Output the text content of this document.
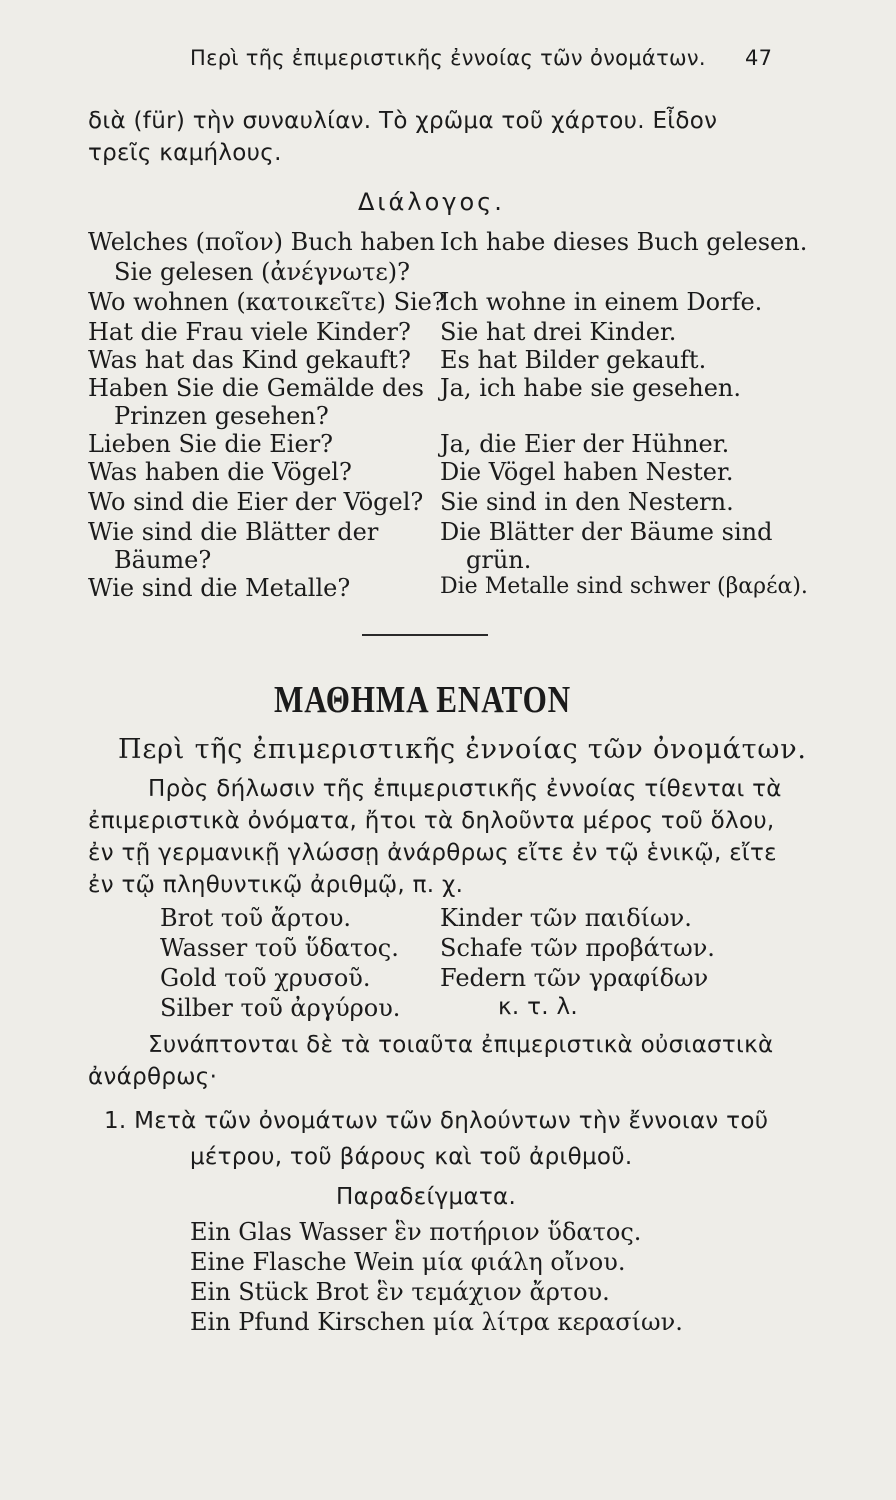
Περὶ τῆς ἐπιμεριστικῆς ἐννοίας τῶν ὀνομάτων. 47
διὰ (für) τὴν συναυλίαν. Τὸ χρῶμα τοῦ χάρτου. Εἶδον
τρεῖς καμήλους.
Διάλογος.
Welches (ποῖον) Buch haben
Sie gelesen (ἀνέγνωτε)?
Wo wohnen (κατοικεῖτε) Sie?
Hat die Frau viele Kinder?
Was hat das Kind gekauft?
Haben Sie die Gemälde des
Prinzen gesehen?
Lieben Sie die Eier?
Was haben die Vögel?
Wo sind die Eier der Vögel?
Wie sind die Blätter der
Bäume?
Wie sind die Metalle?
Ich habe dieses Buch gelesen.
Ich wohne in einem Dorfe.
Sie hat drei Kinder.
Es hat Bilder gekauft.
Ja, ich habe sie gesehen.
Ja, die Eier der Hühner.
Die Vögel haben Nester.
Sie sind in den Nestern.
Die Blätter der Bäume sind
grün.
Die Metalle sind schwer (βαρέα).
ΜΑΘΗΜΑ ΕΝΑΤΟΝ
Περὶ τῆς ἐπιμεριστικῆς ἐννοίας τῶν ὀνομάτων.
Πρὸς δήλωσιν τῆς ἐπιμεριστικῆς ἐννοίας τίθενται τὰ
ἐπιμεριστικὰ ὀνόματα, ἤτοι τὰ δηλοῦντα μέρος τοῦ ὅλου,
ἐν τῇ γερμανικῇ γλώσσῃ ἀνάρθρως εἴτε ἐν τῷ ἑνικῷ, εἴτε
ἐν τῷ πληθυντικῷ ἀριθμῷ, π. χ.
Brot τοῦ ἄρτου.
Wasser τοῦ ὕδατος.
Gold τοῦ χρυσοῦ.
Silber τοῦ ἀργύρου.
Kinder τῶν παιδίων.
Schafe τῶν προβάτων.
Federn τῶν γραφίδων
κ. τ. λ.
Συνάπτονται δὲ τὰ τοιαῦτα ἐπιμεριστικὰ οὐσιαστικὰ
ἀνάρθρως·
1. Μετὰ τῶν ὀνομάτων τῶν δηλούντων τὴν ἔννοιαν τοῦ
μέτρου, τοῦ βάρους καὶ τοῦ ἀριθμοῦ.
Παραδείγματα.
Ein Glas Wasser ἓν ποτήριον ὕδατος.
Eine Flasche Wein μία φιάλη οἴνου.
Ein Stück Brot ἓν τεμάχιον ἄρτου.
Ein Pfund Kirschen μία λίτρα κερασίων.
